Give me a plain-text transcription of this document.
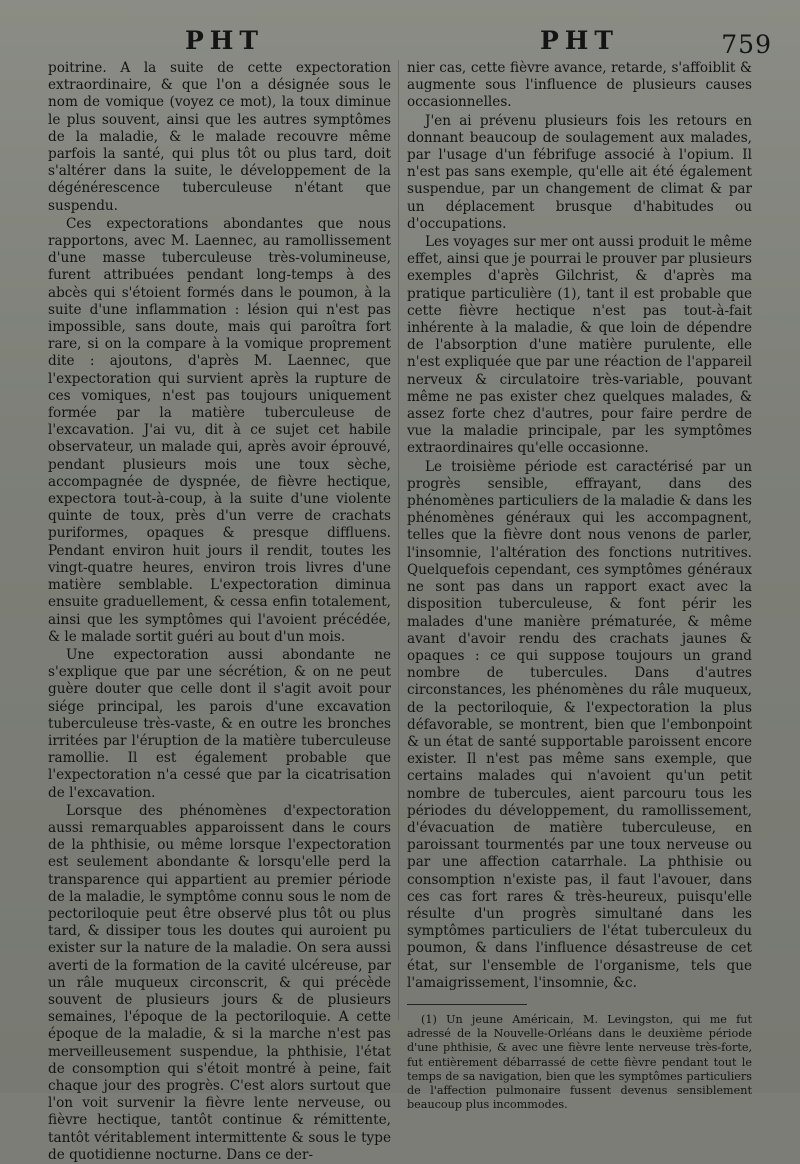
PHT	PHT	759

poitrine. A la suite de cette expectoration extraordinaire, & que l'on a désignée sous le nom de vomique (voyez ce mot), la toux diminue le plus souvent, ainsi que les autres symptômes de la maladie, & le malade recouvre même parfois la santé, qui plus tôt ou plus tard, doit s'altérer dans la suite, le développement de la dégénérescence tuberculeuse n'étant que suspendu.

Ces expectorations abondantes que nous rapportons, avec M. Laennec, au ramollissement d'une masse tuberculeuse très-volumineuse, furent attribuées pendant long-temps à des abcès qui s'étoient formés dans le poumon, à la suite d'une inflammation : lésion qui n'est pas impossible, sans doute, mais qui paroîtra fort rare, si on la compare à la vomique proprement dite : ajoutons, d'après M. Laennec, que l'expectoration qui survient après la rupture de ces vomiques, n'est pas toujours uniquement formée par la matière tuberculeuse de l'excavation. J'ai vu, dit à ce sujet cet habile observateur, un malade qui, après avoir éprouvé, pendant plusieurs mois une toux sèche, accompagnée de dyspnée, de fièvre hectique, expectora tout-à-coup, à la suite d'une violente quinte de toux, près d'un verre de crachats puriformes, opaques & presque diffluens. Pendant environ huit jours il rendit, toutes les vingt-quatre heures, environ trois livres d'une matière semblable. L'expectoration diminua ensuite graduellement, & cessa enfin totalement, ainsi que les symptômes qui l'avoient précédée, & le malade sortit guéri au bout d'un mois.

Une expectoration aussi abondante ne s'explique que par une sécrétion, & on ne peut guère douter que celle dont il s'agit avoit pour siége principal, les parois d'une excavation tuberculeuse très-vaste, & en outre les bronches irritées par l'éruption de la matière tuberculeuse ramollie. Il est également probable que l'expectoration n'a cessé que par la cicatrisation de l'excavation.

Lorsque des phénomènes d'expectoration aussi remarquables apparoissent dans le cours de la phthisie, ou même lorsque l'expectoration est seulement abondante & lorsqu'elle perd la transparence qui appartient au premier période de la maladie, le symptôme connu sous le nom de pectoriloquie peut être observé plus tôt ou plus tard, & dissiper tous les doutes qui auroient pu exister sur la nature de la maladie. On sera aussi averti de la formation de la cavité ulcéreuse, par un râle muqueux circonscrit, & qui précède souvent de plusieurs jours & de plusieurs semaines, l'époque de la pectoriloquie. A cette époque de la maladie, & si la marche n'est pas merveilleusement suspendue, la phthisie, l'état de consomption qui s'étoit montré à peine, fait chaque jour des progrès. C'est alors surtout que l'on voit survenir la fièvre lente nerveuse, ou fièvre hectique, tantôt continue & rémittente, tantôt véritablement intermittente & sous le type de quotidienne nocturne. Dans ce der-

nier cas, cette fièvre avance, retarde, s'affoiblit & augmente sous l'influence de plusieurs causes occasionnelles.

J'en ai prévenu plusieurs fois les retours en donnant beaucoup de soulagement aux malades, par l'usage d'un fébrifuge associé à l'opium. Il n'est pas sans exemple, qu'elle ait été également suspendue, par un changement de climat & par un déplacement brusque d'habitudes ou d'occupations.

Les voyages sur mer ont aussi produit le même effet, ainsi que je pourrai le prouver par plusieurs exemples d'après Gilchrist, & d'après ma pratique particulière (1), tant il est probable que cette fièvre hectique n'est pas tout-à-fait inhérente à la maladie, & que loin de dépendre de l'absorption d'une matière purulente, elle n'est expliquée que par une réaction de l'appareil nerveux & circulatoire très-variable, pouvant même ne pas exister chez quelques malades, & assez forte chez d'autres, pour faire perdre de vue la maladie principale, par les symptômes extraordinaires qu'elle occasionne.

Le troisième période est caractérisé par un progrès sensible, effrayant, dans des phénomènes particuliers de la maladie & dans les phénomènes généraux qui les accompagnent, telles que la fièvre dont nous venons de parler, l'insomnie, l'altération des fonctions nutritives. Quelquefois cependant, ces symptômes généraux ne sont pas dans un rapport exact avec la disposition tuberculeuse, & font périr les malades d'une manière prématurée, & même avant d'avoir rendu des crachats jaunes & opaques : ce qui suppose toujours un grand nombre de tubercules. Dans d'autres circonstances, les phénomènes du râle muqueux, de la pectoriloquie, & l'expectoration la plus défavorable, se montrent, bien que l'embonpoint & un état de santé supportable paroissent encore exister. Il n'est pas même sans exemple, que certains malades qui n'avoient qu'un petit nombre de tubercules, aient parcouru tous les périodes du développement, du ramollissement, d'évacuation de matière tuberculeuse, en paroissant tourmentés par une toux nerveuse ou par une affection catarrhale. La phthisie ou consomption n'existe pas, il faut l'avouer, dans ces cas fort rares & très-heureux, puisqu'elle résulte d'un progrès simultané dans les symptômes particuliers de l'état tuberculeux du poumon, & dans l'influence désastreuse de cet état, sur l'ensemble de l'organisme, tels que l'amaigrissement, l'insomnie, &c.

(1) Un jeune Américain, M. Levingston, qui me fut adressé de la Nouvelle-Orléans dans le deuxième période d'une phthisie, & avec une fièvre lente nerveuse très-forte, fut entièrement débarrassé de cette fièvre pendant tout le temps de sa navigation, bien que les symptômes particuliers de l'affection pulmonaire fussent devenus sensiblement beaucoup plus incommodes.
